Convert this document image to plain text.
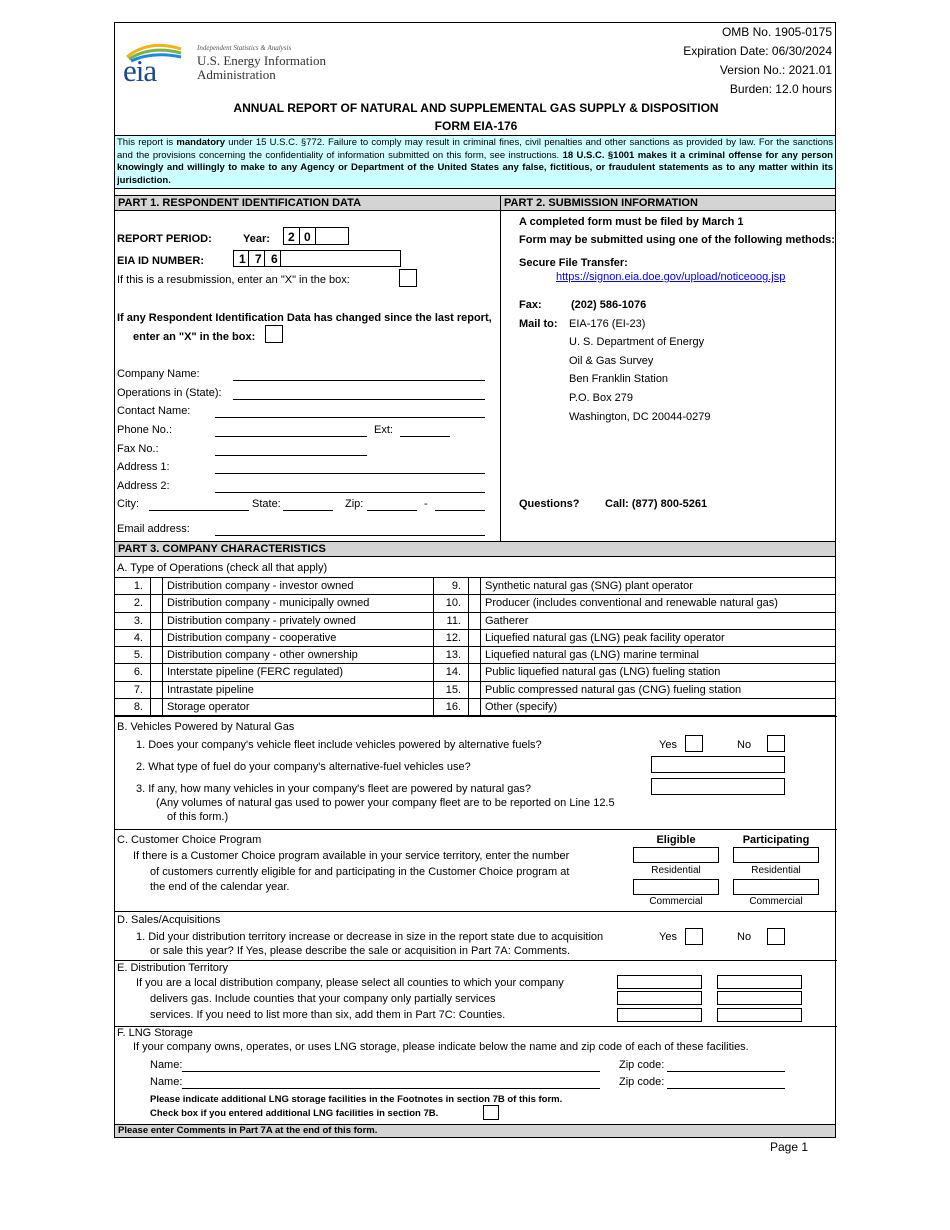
eia
Independent Statistics & Analysis
U.S. Energy Information
Administration
OMB No. 1905-0175
Expiration Date: 06/30/2024
Version No.: 2021.01
Burden: 12.0 hours
ANNUAL REPORT OF NATURAL AND SUPPLEMENTAL GAS SUPPLY & DISPOSITION
FORM EIA-176
This report is mandatory under 15 U.S.C. §772. Failure to comply may result in criminal fines, civil penalties and other sanctions as provided by law. For the sanctions and the provisions concerning the confidentiality of information submitted on this form, see instructions. 18 U.S.C. §1001 makes it a criminal offense for any person knowingly and willingly to make to any Agency or Department of the United States any false, fictitious, or fraudulent statements as to any matter within its jurisdiction.
PART 1. RESPONDENT IDENTIFICATION DATA	PART 2. SUBMISSION INFORMATION
REPORT PERIOD:	Year: 2 0
EIA ID NUMBER:	1 7 6
If this is a resubmission, enter an "X" in the box:
If any Respondent Identification Data has changed since the last report,
enter an "X" in the box:
Company Name:
Operations in (State):
Contact Name:
Phone No.:	Ext:
Fax No.:
Address 1:
Address 2:
City:	State:	Zip:	-
Email address:
A completed form must be filed by March 1
Form may be submitted using one of the following methods:
Secure File Transfer:
https://signon.eia.doe.gov/upload/noticeoog.jsp
Fax:	(202) 586-1076
Mail to: EIA-176 (EI-23)
U. S. Department of Energy
Oil & Gas Survey
Ben Franklin Station
P.O. Box 279
Washington, DC 20044-0279
Questions? Call: (877) 800-5261
PART 3. COMPANY CHARACTERISTICS
A. Type of Operations (check all that apply)
1. Distribution company - investor owned	9. Synthetic natural gas (SNG) plant operator
2. Distribution company - municipally owned	10. Producer (includes conventional and renewable natural gas)
3. Distribution company - privately owned	11. Gatherer
4. Distribution company - cooperative	12. Liquefied natural gas (LNG) peak facility operator
5. Distribution company - other ownership	13. Liquefied natural gas (LNG) marine terminal
6. Interstate pipeline (FERC regulated)	14. Public liquefied natural gas (LNG) fueling station
7. Intrastate pipeline	15. Public compressed natural gas (CNG) fueling station
8. Storage operator	16. Other (specify)
B. Vehicles Powered by Natural Gas
1. Does your company's vehicle fleet include vehicles powered by alternative fuels?	Yes	No
2. What type of fuel do your company's alternative-fuel vehicles use?
3. If any, how many vehicles in your company's fleet are powered by natural gas?
(Any volumes of natural gas used to power your company fleet are to be reported on Line 12.5
of this form.)
C. Customer Choice Program
If there is a Customer Choice program available in your service territory, enter the number
of customers currently eligible for and participating in the Customer Choice program at
the end of the calendar year.
Eligible	Participating
Residential	Residential
Commercial	Commercial
D. Sales/Acquisitions
1. Did your distribution territory increase or decrease in size in the report state due to acquisition
or sale this year? If Yes, please describe the sale or acquisition in Part 7A: Comments.
Yes	No
E. Distribution Territory
If you are a local distribution company, please select all counties to which your company
delivers gas. Include counties that your company only partially services
services. If you need to list more than six, add them in Part 7C: Counties.
F. LNG Storage
If your company owns, operates, or uses LNG storage, please indicate below the name and zip code of each of these facilities.
Name:	Zip code:
Name:	Zip code:
Please indicate additional LNG storage facilities in the Footnotes in section 7B of this form.
Check box if you entered additional LNG facilities in section 7B.
Please enter Comments in Part 7A at the end of this form.
Page 1
